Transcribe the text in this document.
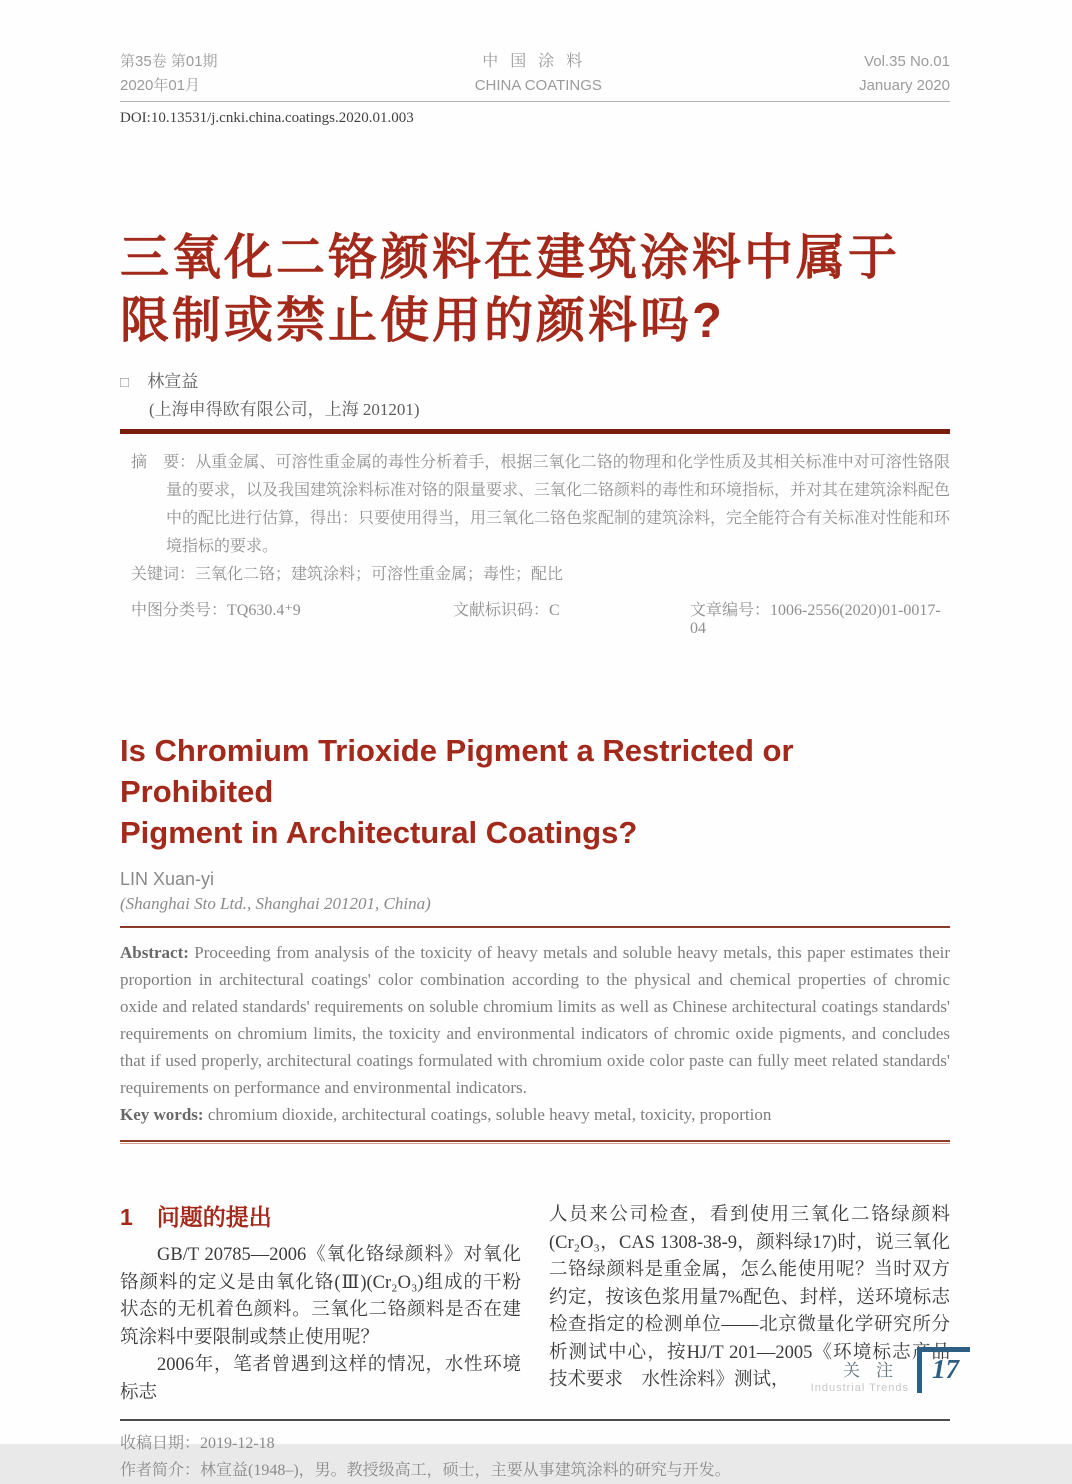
第35卷 第01期
2020年01月
中国涂料
CHINA COATINGS
Vol.35 No.01
January 2020
DOI:10.13531/j.cnki.china.coatings.2020.01.003
三氧化二铬颜料在建筑涂料中属于
限制或禁止使用的颜料吗?
□ 林宣益
(上海申得欧有限公司，上海 201201)
摘　要：从重金属、可溶性重金属的毒性分析着手，根据三氧化二铬的物理和化学性质及其相关标准中对可溶性铬限量的要求，以及我国建筑涂料标准对铬的限量要求、三氧化二铬颜料的毒性和环境指标，并对其在建筑涂料配色中的配比进行估算，得出：只要使用得当，用三氧化二铬色浆配制的建筑涂料，完全能符合有关标准对性能和环境指标的要求。
关键词：三氧化二铬；建筑涂料；可溶性重金属；毒性；配比
中图分类号：TQ630.4⁺9	文献标识码：C	文章编号：1006-2556(2020)01-0017-04
Is Chromium Trioxide Pigment a Restricted or Prohibited
Pigment in Architectural Coatings?
LIN Xuan-yi
(Shanghai Sto Ltd., Shanghai 201201, China)
Abstract: Proceeding from analysis of the toxicity of heavy metals and soluble heavy metals, this paper estimates their proportion in architectural coatings' color combination according to the physical and chemical properties of chromic oxide and related standards' requirements on soluble chromium limits as well as Chinese architectural coatings standards' requirements on chromium limits, the toxicity and environmental indicators of chromic oxide pigments, and concludes that if used properly, architectural coatings formulated with chromium oxide color paste can fully meet related standards' requirements on performance and environmental indicators.
Key words: chromium dioxide, architectural coatings, soluble heavy metal, toxicity, proportion
1 问题的提出

GB/T 20785—2006《氧化铬绿颜料》对氧化铬颜料的定义是由氧化铬(Ⅲ)(Cr₂O₃)组成的干粉状态的无机着色颜料。三氧化二铬颜料是否在建筑涂料中要限制或禁止使用呢？

2006年，笔者曾遇到这样的情况，水性环境标志

人员来公司检查，看到使用三氧化二铬绿颜料(Cr₂O₃，CAS 1308-38-9，颜料绿17)时，说三氧化二铬绿颜料是重金属，怎么能使用呢？当时双方约定，按该色浆用量7%配色、封样，送环境标志检查指定的检测单位——北京微量化学研究所分析测试中心，按HJ/T 201—2005《环境标志产品技术要求　水性涂料》测试，

收稿日期：2019-12-18
作者简介：林宣益(1948–)，男。教授级高工，硕士，主要从事建筑涂料的研究与开发。
关注
Industrial Trends
17
